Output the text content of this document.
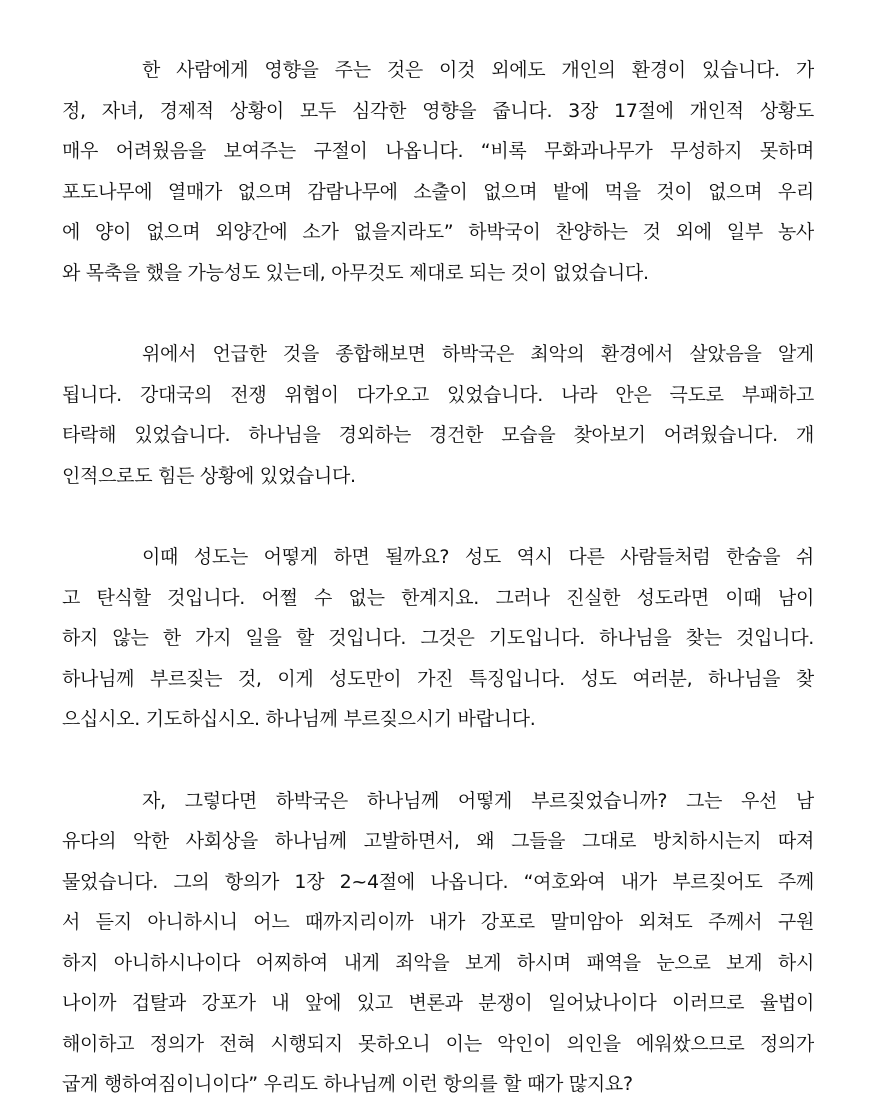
한 사람에게 영향을 주는 것은 이것 외에도 개인의 환경이 있습니다. 가
정, 자녀, 경제적 상황이 모두 심각한 영향을 줍니다. 3장 17절에 개인적 상황도
매우 어려웠음을 보여주는 구절이 나옵니다. “비록 무화과나무가 무성하지 못하며
포도나무에 열매가 없으며 감람나무에 소출이 없으며 밭에 먹을 것이 없으며 우리
에 양이 없으며 외양간에 소가 없을지라도” 하박국이 찬양하는 것 외에 일부 농사
와 목축을 했을 가능성도 있는데, 아무것도 제대로 되는 것이 없었습니다.
위에서 언급한 것을 종합해보면 하박국은 최악의 환경에서 살았음을 알게
됩니다. 강대국의 전쟁 위협이 다가오고 있었습니다. 나라 안은 극도로 부패하고
타락해 있었습니다. 하나님을 경외하는 경건한 모습을 찾아보기 어려웠습니다. 개
인적으로도 힘든 상황에 있었습니다.
이때 성도는 어떻게 하면 될까요? 성도 역시 다른 사람들처럼 한숨을 쉬
고 탄식할 것입니다. 어쩔 수 없는 한계지요. 그러나 진실한 성도라면 이때 남이
하지 않는 한 가지 일을 할 것입니다. 그것은 기도입니다. 하나님을 찾는 것입니다.
하나님께 부르짖는 것, 이게 성도만이 가진 특징입니다. 성도 여러분, 하나님을 찾
으십시오. 기도하십시오. 하나님께 부르짖으시기 바랍니다.
자, 그렇다면 하박국은 하나님께 어떻게 부르짖었습니까? 그는 우선 남
유다의 악한 사회상을 하나님께 고발하면서, 왜 그들을 그대로 방치하시는지 따져
물었습니다. 그의 항의가 1장 2~4절에 나옵니다. “여호와여 내가 부르짖어도 주께
서 듣지 아니하시니 어느 때까지리이까 내가 강포로 말미암아 외쳐도 주께서 구원
하지 아니하시나이다 어찌하여 내게 죄악을 보게 하시며 패역을 눈으로 보게 하시
나이까 겁탈과 강포가 내 앞에 있고 변론과 분쟁이 일어났나이다 이러므로 율법이
해이하고 정의가 전혀 시행되지 못하오니 이는 악인이 의인을 에워쌌으므로 정의가
굽게 행하여짐이니이다” 우리도 하나님께 이런 항의를 할 때가 많지요?
